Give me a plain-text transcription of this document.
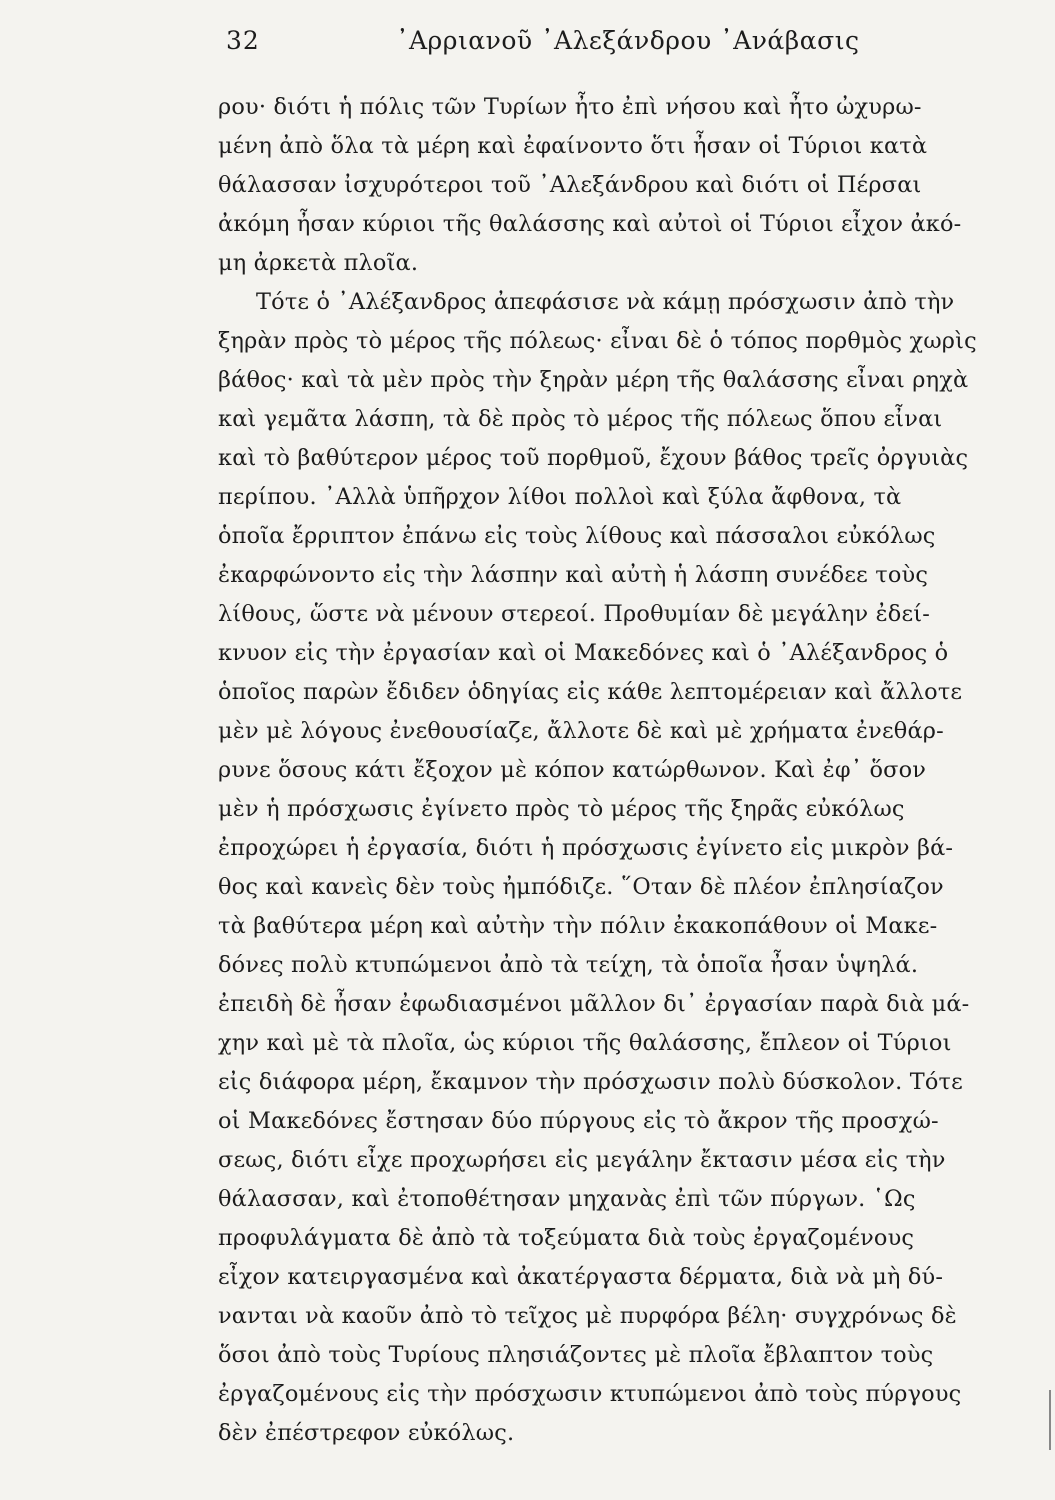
32	᾿Αρριανοῦ ᾿Αλεξάνδρου ᾿Ανάβασις
ρου· διότι ἡ πόλις τῶν Τυρίων ἦτο ἐπὶ νήσου καὶ ἦτο ὠχυρω-
μένη ἀπὸ ὅλα τὰ μέρη καὶ ἐφαίνοντο ὅτι ἦσαν οἱ Τύριοι κατὰ
θάλασσαν ἰσχυρότεροι τοῦ ᾿Αλεξάνδρου καὶ διότι οἱ Πέρσαι
ἀκόμη ἦσαν κύριοι τῆς θαλάσσης καὶ αὐτοὶ οἱ Τύριοι εἶχον ἀκό-
μη ἀρκετὰ πλοῖα.
Τότε ὁ ᾿Αλέξανδρος ἀπεφάσισε νὰ κάμῃ πρόσχωσιν ἀπὸ τὴν
ξηρὰν πρὸς τὸ μέρος τῆς πόλεως· εἶναι δὲ ὁ τόπος πορθμὸς χωρὶς
βάθος· καὶ τὰ μὲν πρὸς τὴν ξηρὰν μέρη τῆς θαλάσσης εἶναι ρηχὰ
καὶ γεμᾶτα λάσπη, τὰ δὲ πρὸς τὸ μέρος τῆς πόλεως ὅπου εἶναι
καὶ τὸ βαθύτερον μέρος τοῦ πορθμοῦ, ἔχουν βάθος τρεῖς ὀργυιὰς
περίπου. ᾿Αλλὰ ὑπῆρχον λίθοι πολλοὶ καὶ ξύλα ἄφθονα, τὰ
ὁποῖα ἔρριπτον ἐπάνω εἰς τοὺς λίθους καὶ πάσσαλοι εὐκόλως
ἐκαρφώνοντο εἰς τὴν λάσπην καὶ αὐτὴ ἡ λάσπη συνέδεε τοὺς
λίθους, ὥστε νὰ μένουν στερεοί. Προθυμίαν δὲ μεγάλην ἐδεί-
κνυον εἰς τὴν ἐργασίαν καὶ οἱ Μακεδόνες καὶ ὁ ᾿Αλέξανδρος ὁ
ὁποῖος παρὼν ἔδιδεν ὁδηγίας εἰς κάθε λεπτομέρειαν καὶ ἄλλοτε
μὲν μὲ λόγους ἐνεθουσίαζε, ἄλλοτε δὲ καὶ μὲ χρήματα ἐνεθάρ-
ρυνε ὅσους κάτι ἔξοχον μὲ κόπον κατώρθωνον. Καὶ ἐφ᾿ ὅσον
μὲν ἡ πρόσχωσις ἐγίνετο πρὸς τὸ μέρος τῆς ξηρᾶς εὐκόλως
ἐπροχώρει ἡ ἐργασία, διότι ἡ πρόσχωσις ἐγίνετο εἰς μικρὸν βά-
θος καὶ κανεὶς δὲν τοὺς ἠμπόδιζε. ῞Οταν δὲ πλέον ἐπλησίαζον
τὰ βαθύτερα μέρη καὶ αὐτὴν τὴν πόλιν ἐκακοπάθουν οἱ Μακε-
δόνες πολὺ κτυπώμενοι ἀπὸ τὰ τείχη, τὰ ὁποῖα ἦσαν ὑψηλά.
ἐπειδὴ δὲ ἦσαν ἐφωδιασμένοι μᾶλλον δι᾿ ἐργασίαν παρὰ διὰ μά-
χην καὶ μὲ τὰ πλοῖα, ὡς κύριοι τῆς θαλάσσης, ἔπλεον οἱ Τύριοι
εἰς διάφορα μέρη, ἔκαμνον τὴν πρόσχωσιν πολὺ δύσκολον. Τότε
οἱ Μακεδόνες ἔστησαν δύο πύργους εἰς τὸ ἄκρον τῆς προσχώ-
σεως, διότι εἶχε προχωρήσει εἰς μεγάλην ἔκτασιν μέσα εἰς τὴν
θάλασσαν, καὶ ἐτοποθέτησαν μηχανὰς ἐπὶ τῶν πύργων. ῾Ως
προφυλάγματα δὲ ἀπὸ τὰ τοξεύματα διὰ τοὺς ἐργαζομένους
εἶχον κατειργασμένα καὶ ἀκατέργαστα δέρματα, διὰ νὰ μὴ δύ-
νανται νὰ καοῦν ἀπὸ τὸ τεῖχος μὲ πυρφόρα βέλη· συγχρόνως δὲ
ὅσοι ἀπὸ τοὺς Τυρίους πλησιάζοντες μὲ πλοῖα ἔβλαπτον τοὺς
ἐργαζομένους εἰς τὴν πρόσχωσιν κτυπώμενοι ἀπὸ τοὺς πύργους
δὲν ἐπέστρεφον εὐκόλως.
